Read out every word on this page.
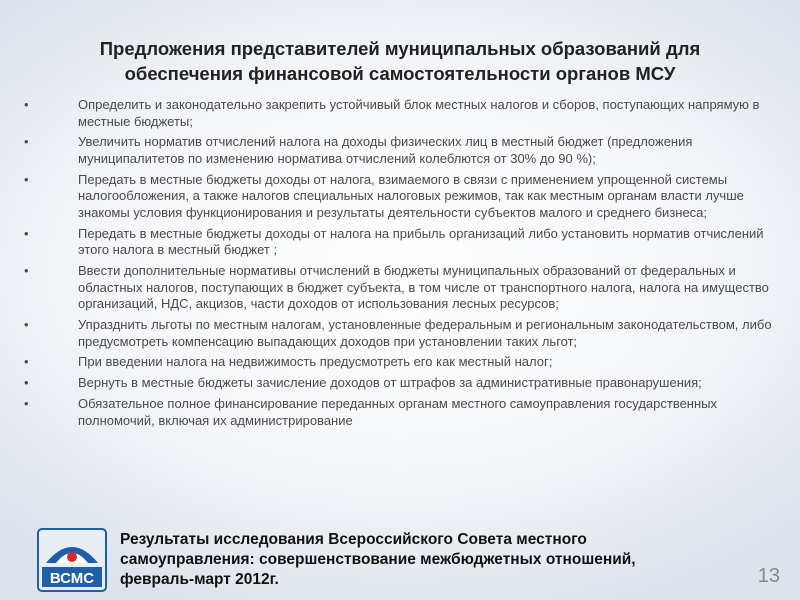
Предложения представителей муниципальных образований для
обеспечения финансовой самостоятельности органов МСУ
•	Определить и законодательно закрепить устойчивый блок местных налогов и сборов, поступающих напрямую в местные бюджеты;
•	Увеличить норматив отчислений налога на доходы физических лиц в местный бюджет (предложения муниципалитетов по изменению норматива отчислений колеблются от 30% до 90 %);
•	Передать в местные бюджеты доходы от налога, взимаемого в связи с применением упрощенной системы налогообложения, а также налогов специальных налоговых режимов, так как местным органам власти лучше знакомы условия функционирования и результаты деятельности субъектов малого и среднего бизнеса;
•	Передать в местные бюджеты доходы от налога на прибыль организаций либо установить норматив отчислений этого налога в местный бюджет ;
•	Ввести дополнительные нормативы отчислений в бюджеты муниципальных образований от федеральных и областных налогов, поступающих в бюджет субъекта, в том числе от транспортного налога, налога на имущество организаций, НДС, акцизов, части доходов от использования лесных ресурсов;
•	Упразднить льготы по местным налогам, установленные федеральным и региональным законодательством, либо предусмотреть компенсацию выпадающих доходов при установлении таких льгот;
•	При введении налога на недвижимость предусмотреть его как местный налог;
•	Вернуть в местные бюджеты зачисление доходов от штрафов за административные правонарушения;
•	Обязательное полное финансирование переданных органам местного самоуправления государственных полномочий, включая их администрирование
ВСМС
Результаты исследования Всероссийского Совета местного
самоуправления: совершенствование межбюджетных отношений,
февраль-март 2012г.	13
